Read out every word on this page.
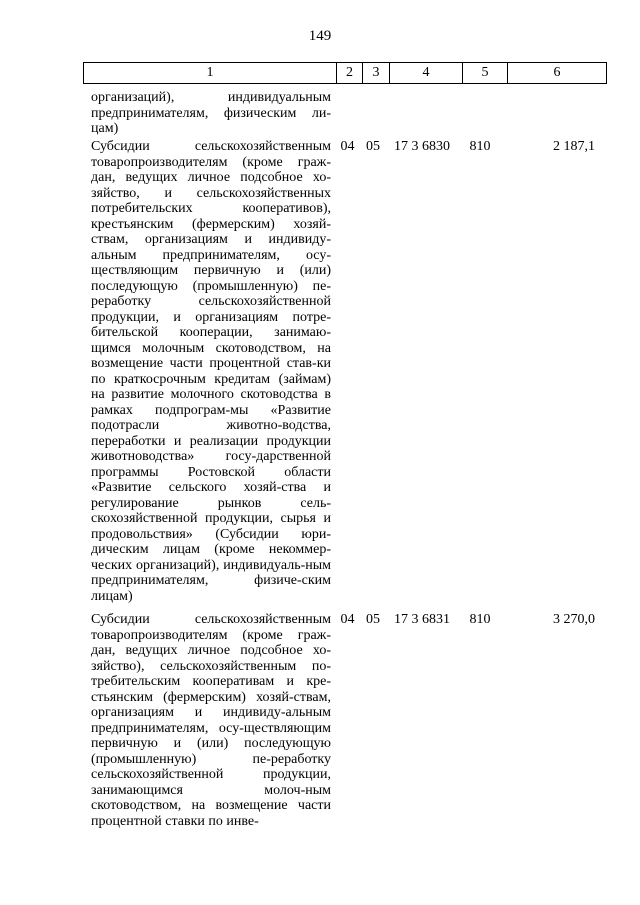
149
1	2	3	4	5	6

организаций), индивидуальным предпринимателям, физическим ли-цам)

Субсидии сельскохозяйственным товаропроизводителям (кроме граж-дан, ведущих личное подсобное хо-зяйство, и сельскохозяйственных потребительских кооперативов), крестьянским (фермерским) хозяй-ствам, организациям и индивиду-альным предпринимателям, осу-ществляющим первичную и (или) последующую (промышленную) пе-реработку сельскохозяйственной продукции, и организациям потре-бительской кооперации, занимаю-щимся молочным скотоводством, на возмещение части процентной став-ки по краткосрочным кредитам (займам) на развитие молочного скотоводства в рамках подпрограм-мы «Развитие подотрасли животно-водства, переработки и реализации продукции животноводства» госу-дарственной программы Ростовской области «Развитие сельского хозяй-ства и регулирование рынков сель-скохозяйственной продукции, сырья и продовольствия» (Субсидии юри-дическим лицам (кроме некоммер-ческих организаций), индивидуаль-ным предпринимателям, физиче-ским лицам)

04 05	17 3 6830	810	2 187,1

Субсидии сельскохозяйственным товаропроизводителям (кроме граж-дан, ведущих личное подсобное хо-зяйство), сельскохозяйственным по-требительским кооперативам и кре-стьянским (фермерским) хозяй-ствам, организациям и индивиду-альным предпринимателям, осу-ществляющим первичную и (или) последующую (промышленную) пе-реработку сельскохозяйственной продукции, занимающимся молоч-ным скотоводством, на возмещение части процентной ставки по инве-

04 05	17 3 6831	810	3 270,0
